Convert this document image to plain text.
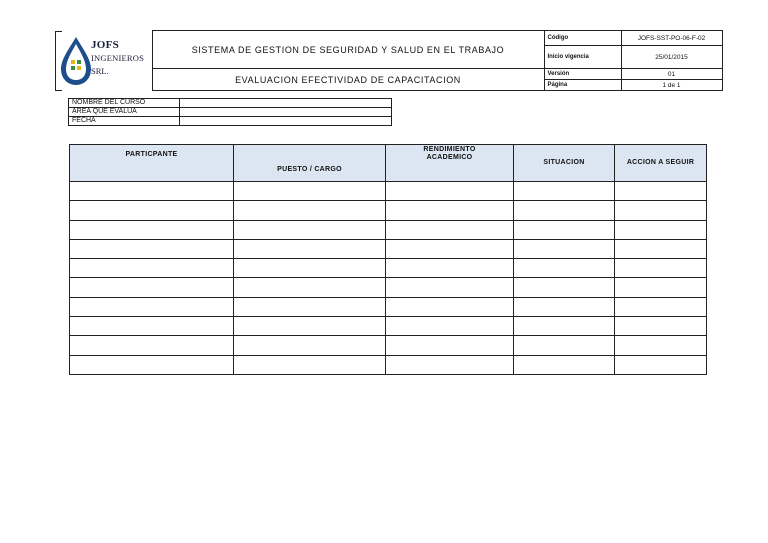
JOFS
INGENIEROS
SRL.	SISTEMA DE GESTION DE SEGURIDAD Y SALUD EN EL TRABAJO	Código	JOFS-SST-PO-06-F-02
		Inicio vigencia	25/01/2015
	EVALUACION EFECTIVIDAD DE CAPACITACION	Versión	01
		Página	1 de 1
NOMBRE DEL CURSO	
AREA QUE EVALUA	
FECHA	
PARTICPANTE	PUESTO / CARGO	RENDIMIENTO ACADEMICO	SITUACION	ACCION A SEGUIR
